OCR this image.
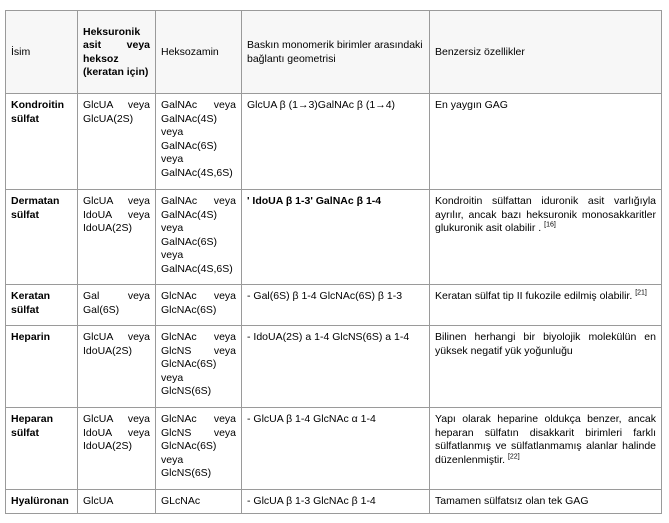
İsim	Heksuronik asit veya heksoz (keratan için)	Heksozamin	Baskın monomerik birimler arasındaki bağlantı geometrisi	Benzersiz özellikler
Kondroitin sülfat	GlcUA veya GlcUA(2S)	GalNAc veya GalNAc(4S) veya GalNAc(6S) veya GalNAc(4S,6S)	GlcUA β (1→3)GalNAc β (1→4)	En yaygın GAG
Dermatan sülfat	GlcUA veya IdoUA veya IdoUA(2S)	GalNAc veya GalNAc(4S) veya GalNAc(6S) veya GalNAc(4S,6S)	' IdoUA β 1-3' GalNAc β 1-4	Kondroitin sülfattan iduronik asit varlığıyla ayrılır, ancak bazı heksuronik monosakkaritler glukuronik asit olabilir . [16]
Keratan sülfat	Gal veya Gal(6S)	GlcNAc veya GlcNAc(6S)	- Gal(6S) β 1-4 GlcNAc(6S) β 1-3	Keratan sülfat tip II fukozile edilmiş olabilir. [21]
Heparin	GlcUA veya IdoUA(2S)	GlcNAc veya GlcNS veya GlcNAc(6S) veya GlcNS(6S)	- IdoUA(2S) a 1-4 GlcNS(6S) a 1-4	Bilinen herhangi bir biyolojik molekülün en yüksek negatif yük yoğunluğu
Heparan sülfat	GlcUA veya IdoUA veya IdoUA(2S)	GlcNAc veya GlcNS veya GlcNAc(6S) veya GlcNS(6S)	- GlcUA β 1-4 GlcNAc α 1-4	Yapı olarak heparine oldukça benzer, ancak heparan sülfatın disakkarit birimleri farklı sülfatlanmış ve sülfatlanmamış alanlar halinde düzenlenmiştir. [22]
Hyalüronan	GlcUA	GLcNAc	- GlcUA β 1-3 GlcNAc β 1-4	Tamamen sülfatsız olan tek GAG
